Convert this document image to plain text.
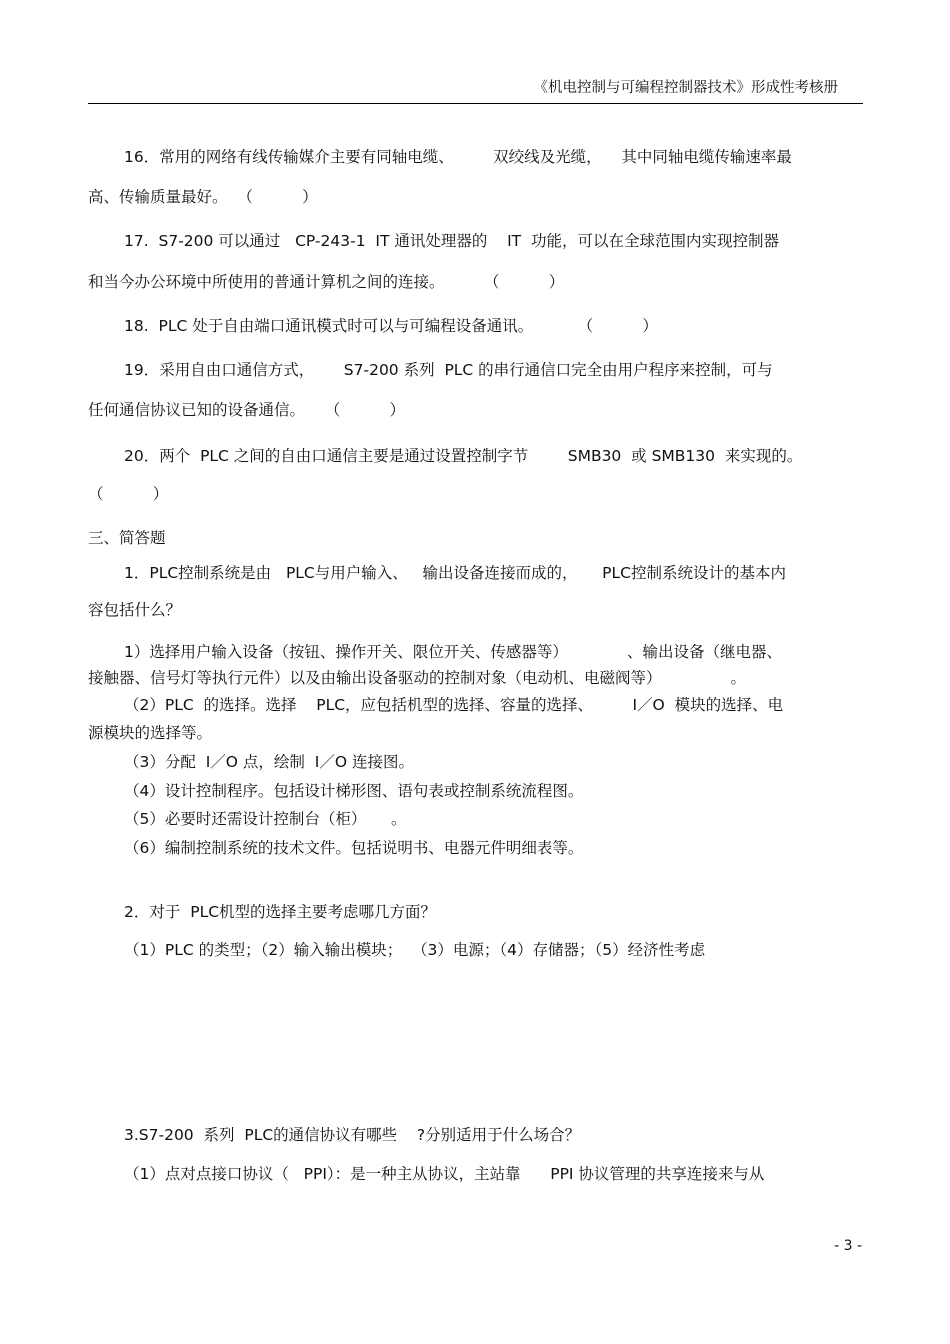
《机电控制与可编程控制器技术》形成性考核册
16．常用的网络有线传输媒介主要有同轴电缆、        双绞线及光缆，    其中同轴电缆传输速率最
高、传输质量最好。  （          ）
17.  S7-200 可以通过   CP-243-1  IT 通讯处理器的    IT  功能，可以在全球范围内实现控制器
和当今办公环境中所使用的普通计算机之间的连接。        （          ）
18.  PLC 处于自由端口通讯模式时可以与可编程设备通讯。         （          ）
19．采用自由口通信方式，      S7-200 系列  PLC 的串行通信口完全由用户程序来控制，可与
任何通信协议已知的设备通信。    （          ）
20．两个  PLC 之间的自由口通信主要是通过设置控制字节        SMB30  或 SMB130  来实现的。
（          ）
三、简答题
1．PLC控制系统是由   PLC与用户输入、   输出设备连接而成的，     PLC控制系统设计的基本内
容包括什么？
1）选择用户输入设备（按钮、操作开关、限位开关、传感器等）            、输出设备（继电器、
接触器、信号灯等执行元件）以及由输出设备驱动的控制对象（电动机、电磁阀等）              。
（2）PLC  的选择。选择    PLC，应包括机型的选择、容量的选择、        I／O  模块的选择、电
源模块的选择等。
（3）分配  I／O 点，绘制  I／O 连接图。
（4）设计控制程序。包括设计梯形图、语句表或控制系统流程图。
（5）必要时还需设计控制台（柜）     。
（6）编制控制系统的技术文件。包括说明书、电器元件明细表等。
2．对于  PLC机型的选择主要考虑哪几方面？
（1）PLC 的类型；（2）输入输出模块；  （3）电源；（4）存储器；（5）经济性考虑
3.S7-200  系列  PLC的通信协议有哪些    ?分别适用于什么场合？
（1）点对点接口协议（   PPI）：是一种主从协议，主站靠      PPI 协议管理的共享连接来与从
- 3 -
